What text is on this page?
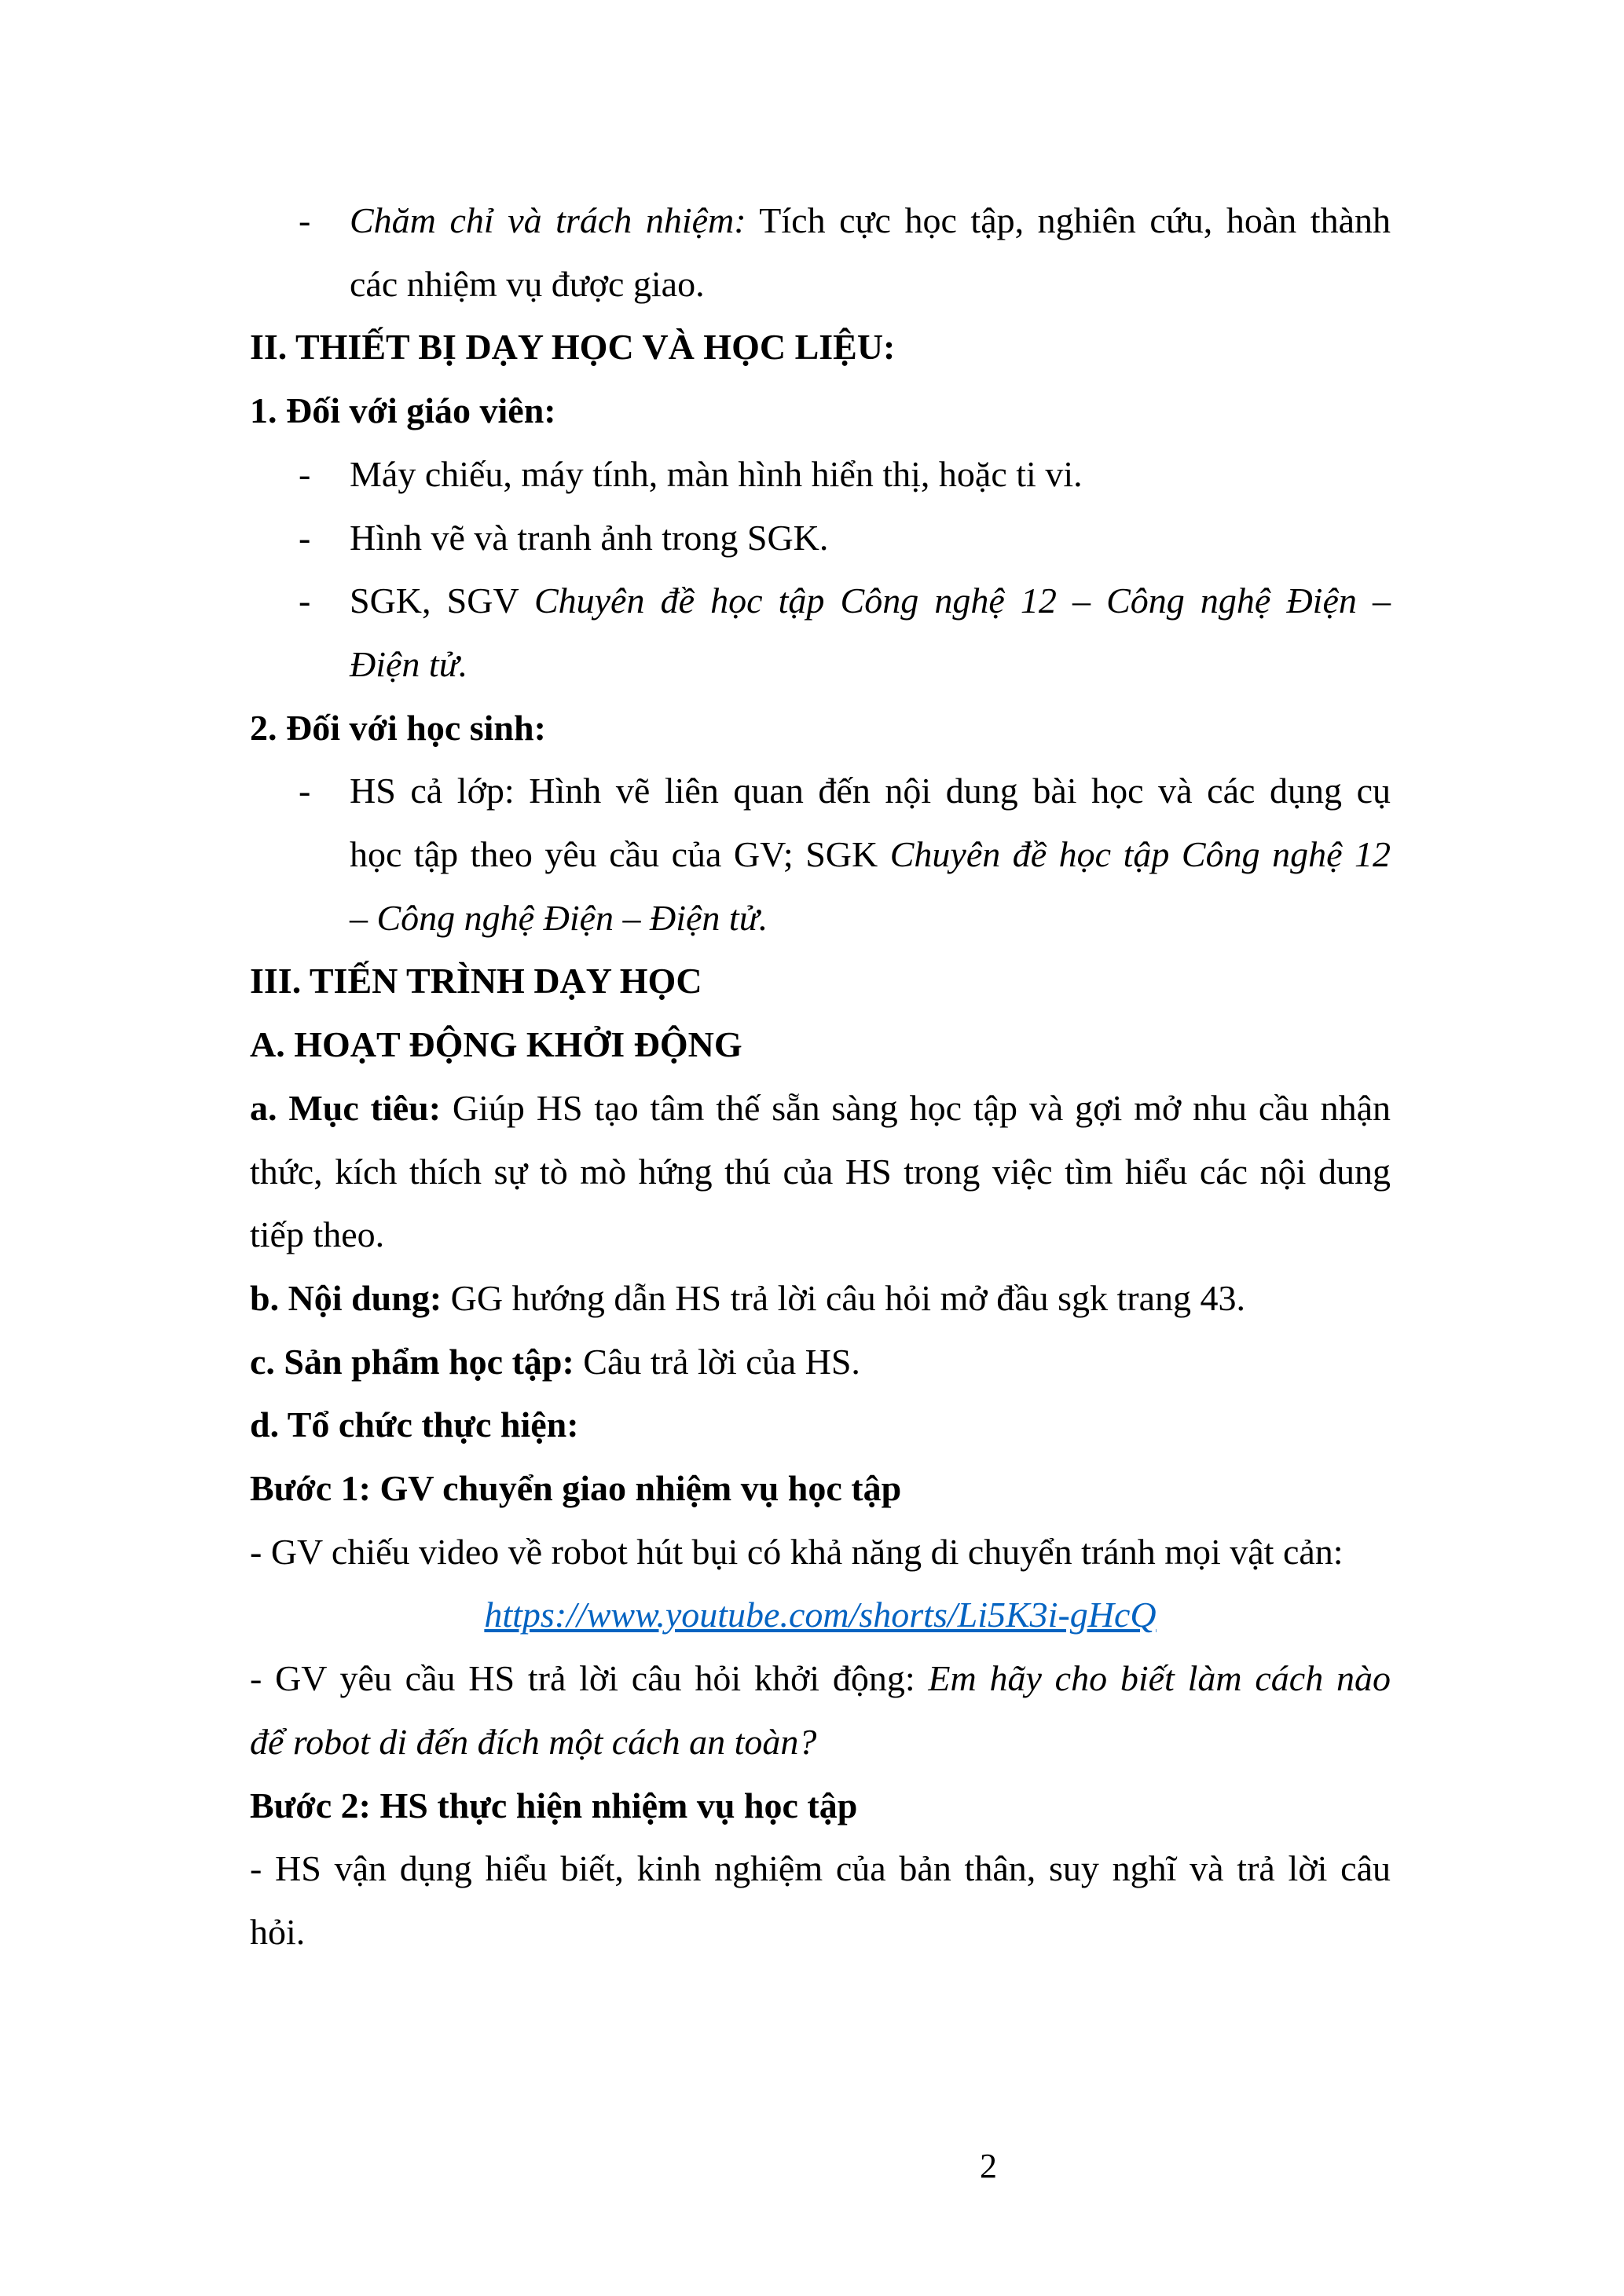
- Chăm chỉ và trách nhiệm: Tích cực học tập, nghiên cứu, hoàn thành
các nhiệm vụ được giao.
II. THIẾT BỊ DẠY HỌC VÀ HỌC LIỆU:
1. Đối với giáo viên:
- Máy chiếu, máy tính, màn hình hiển thị, hoặc ti vi.
- Hình vẽ và tranh ảnh trong SGK.
- SGK, SGV Chuyên đề học tập Công nghệ 12 – Công nghệ Điện –
Điện tử.
2. Đối với học sinh:
- HS cả lớp: Hình vẽ liên quan đến nội dung bài học và các dụng cụ
học tập theo yêu cầu của GV; SGK Chuyên đề học tập Công nghệ 12
– Công nghệ Điện – Điện tử.
III. TIẾN TRÌNH DẠY HỌC
A. HOẠT ĐỘNG KHỞI ĐỘNG
a. Mục tiêu: Giúp HS tạo tâm thế sẵn sàng học tập và gợi mở nhu cầu nhận
thức, kích thích sự tò mò hứng thú của HS trong việc tìm hiểu các nội dung
tiếp theo.
b. Nội dung: GG hướng dẫn HS trả lời câu hỏi mở đầu sgk trang 43.
c. Sản phẩm học tập: Câu trả lời của HS.
d. Tổ chức thực hiện:
Bước 1: GV chuyển giao nhiệm vụ học tập
- GV chiếu video về robot hút bụi có khả năng di chuyển tránh mọi vật cản:
https://www.youtube.com/shorts/Li5K3i-gHcQ
- GV yêu cầu HS trả lời câu hỏi khởi động: Em hãy cho biết làm cách nào
để robot di đến đích một cách an toàn?
Bước 2: HS thực hiện nhiệm vụ học tập
- HS vận dụng hiểu biết, kinh nghiệm của bản thân, suy nghĩ và trả lời câu
hỏi.
2
